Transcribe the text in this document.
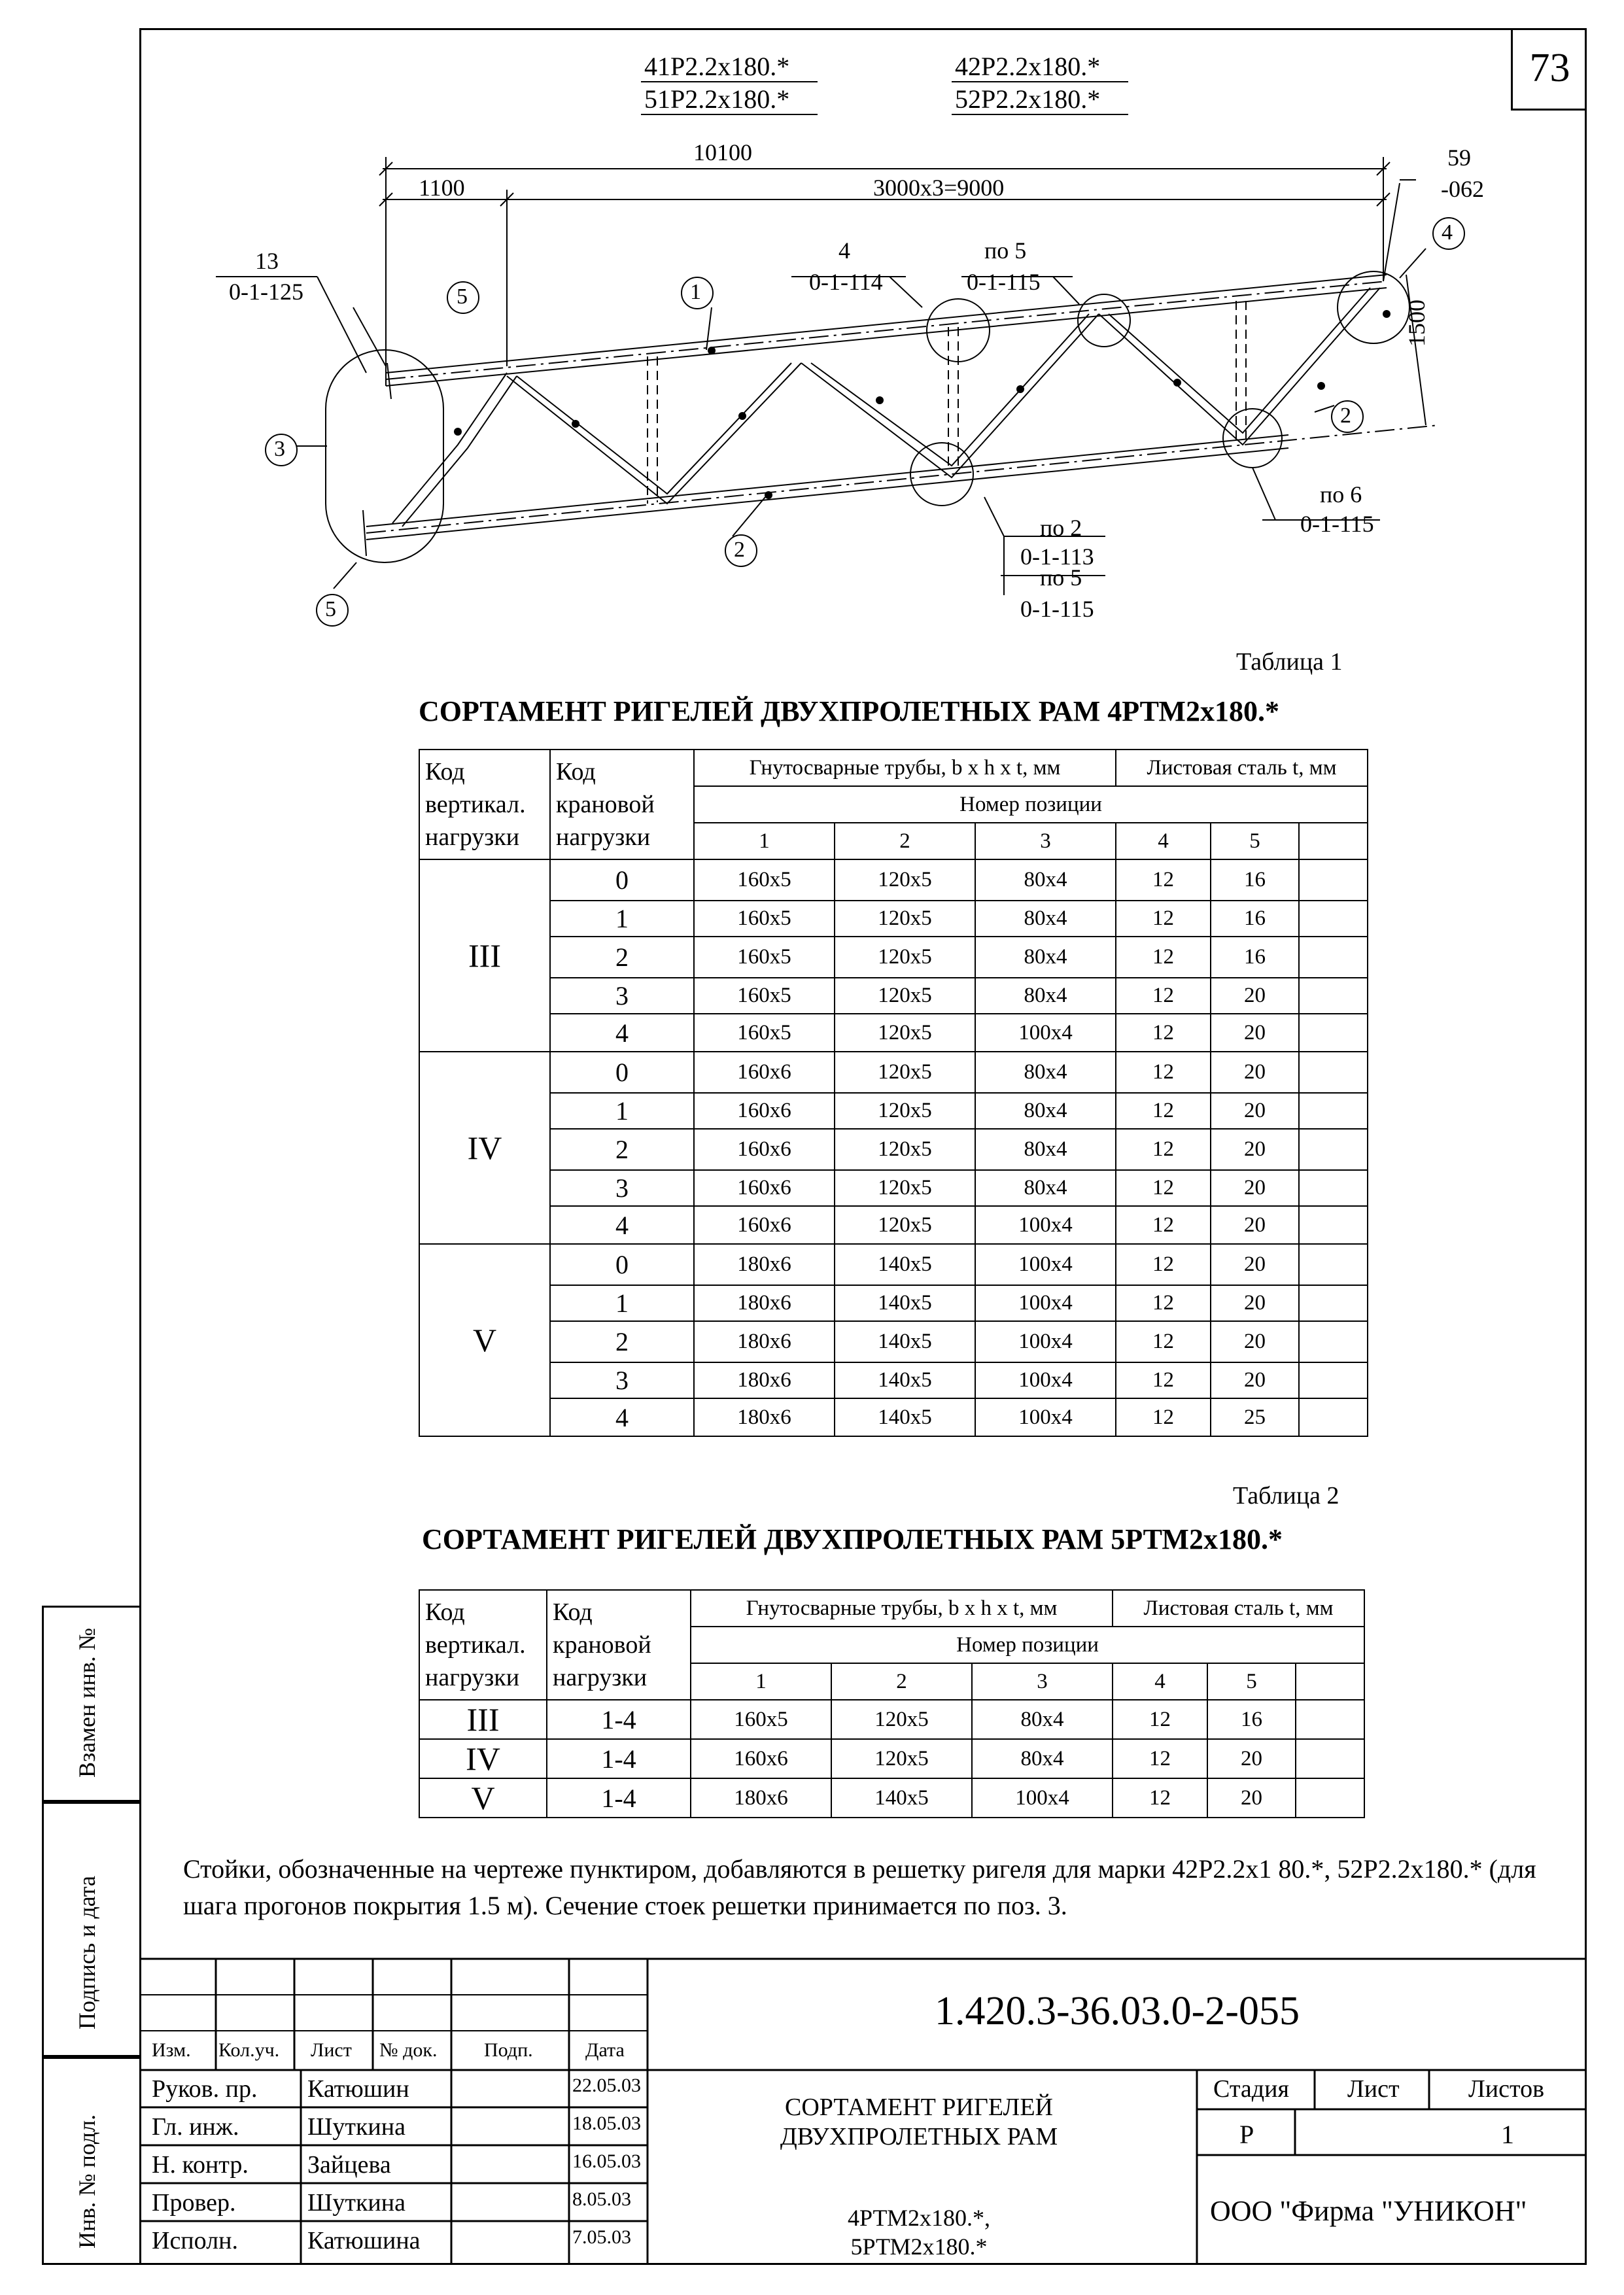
73
41Р2.2х180.*
51Р2.2х180.*
42Р2.2х180.*
52Р2.2х180.*
10100
1100	3000х3=9000
59
-062
1500
13
0-1-125
4
0-1-114
по 5
0-1-115
по 6
0-1-115
по 2
0-1-113
по 5
0-1-115
1
5
3
2
5
2
4
Таблица 1
СОРТАМЕНТ РИГЕЛЕЙ ДВУХПРОЛЕТНЫХ РАМ 4РТМ2х180.*
Код вертикал. нагрузки	Код крановой нагрузки	Гнутосварные трубы, b х h х t, мм			Листовая сталь t, мм		
		Номер позиции					
		1	2	3	4	5	
III	0	160х5	120х5	80х4	12	16	
	1	160х5	120х5	80х4	12	16	
	2	160х5	120х5	80х4	12	16	
	3	160х5	120х5	80х4	12	20	
	4	160х5	120х5	100х4	12	20	
IV	0	160х6	120х5	80х4	12	20	
	1	160х6	120х5	80х4	12	20	
	2	160х6	120х5	80х4	12	20	
	3	160х6	120х5	80х4	12	20	
	4	160х6	120х5	100х4	12	20	
V	0	180х6	140х5	100х4	12	20	
	1	180х6	140х5	100х4	12	20	
	2	180х6	140х5	100х4	12	20	
	3	180х6	140х5	100х4	12	20	
	4	180х6	140х5	100х4	12	25	
Таблица 2
СОРТАМЕНТ РИГЕЛЕЙ ДВУХПРОЛЕТНЫХ РАМ 5РТМ2х180.*
Код вертикал. нагрузки	Код крановой нагрузки	Гнутосварные трубы, b х h х t, мм			Листовая сталь t, мм		
		Номер позиции					
		1	2	3	4	5	
III	1-4	160х5	120х5	80х4	12	16	
IV	1-4	160х6	120х5	80х4	12	20	
V	1-4	180х6	140х5	100х4	12	20	
Стойки, обозначенные на чертеже пунктиром, добавляются в решетку ригеля для марки 42Р2.2х1 80.*, 52Р2.2х180.* (для шага прогонов покрытия 1.5 м). Сечение стоек решетки принимается по поз. 3.
Взамен инв. №
Подпись и дата
Инв. № подл.
Изм. Кол.уч. Лист № док. Подп.	Дата
Руков. пр. Катюшин	22.05.03
Гл. инж.	Шуткина	18.05.03
Н. контр. Зайцева	16.05.03
Провер.	Шуткина	8.05.03
Исполн.	Катюшина	7.05.03
1.420.3-36.03.0-2-055
СОРТАМЕНТ РИГЕЛЕЙ
ДВУХПРОЛЕТНЫХ РАМ
4РТМ2х180.*,
5РТМ2х180.*
Стадия Лист	Листов
Р	1
ООО "Фирма "УНИКОН"
